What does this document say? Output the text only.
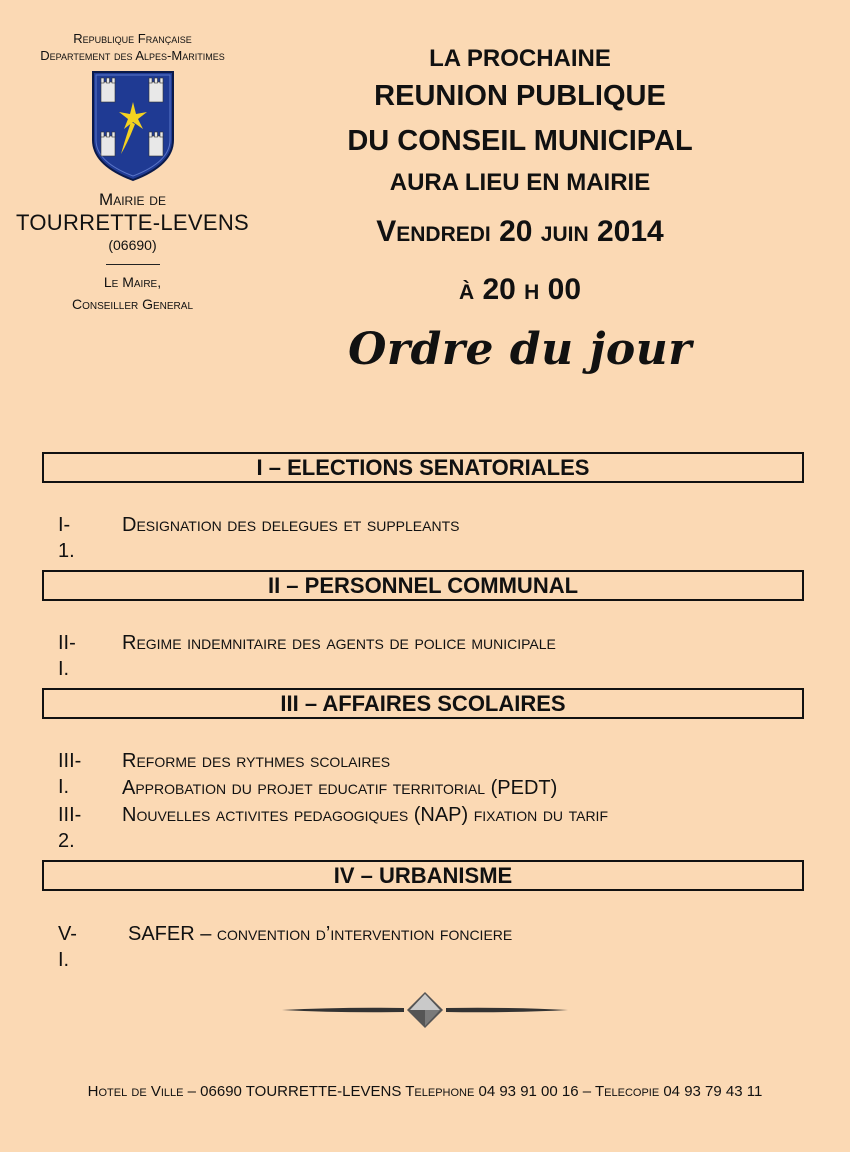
Republique Française
Departement des Alpes-Maritimes
Mairie de
TOURRETTE-LEVENS
(06690)
Le Maire,
Conseiller General
LA PROCHAINE
REUNION PUBLIQUE
DU CONSEIL MUNICIPAL
AURA LIEU EN MAIRIE
Vendredi 20 juin 2014
à 20 h 00
Ordre du jour
I – ELECTIONS SENATORIALES
I-1.
Designation des delegues et suppleants
II – PERSONNEL COMMUNAL
II-I.
Regime indemnitaire des agents de police municipale
III – AFFAIRES SCOLAIRES
III-I.
Reforme des rythmes scolaires
Approbation du projet educatif territorial (PEDT)
III-2.
Nouvelles activites pedagogiques (NAP) fixation du tarif
IV – URBANISME
V-I.
SAFER – convention d’intervention fonciere
Hotel de Ville – 06690 TOURRETTE-LEVENS Telephone 04 93 91 00 16 – Telecopie 04 93 79 43 11
